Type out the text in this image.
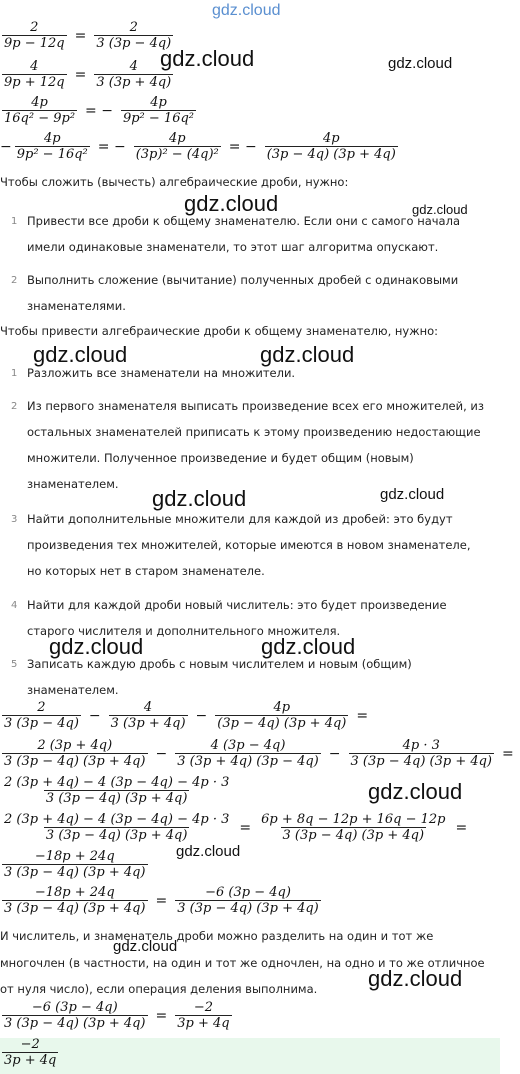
gdz.cloud
gdz.cloud	gdz.cloud
gdz.cloud	gdz.cloud
gdz.cloud	gdz.cloud
gdz.cloud	gdz.cloud
gdz.cloud	gdz.cloud
gdz.cloud
gdz.cloud
gdz.cloud
gdz.cloud
$\frac{2}{9p - 12q} = \frac{2}{3 (3p - 4q)}$
$\frac{4}{9p + 12q} = \frac{4}{3 (3p + 4q)}$
$\frac{4p}{\text{16q² − 9p²}}$ = − $\frac{4p}{\text{9p² − 16q²}}$
− $\frac{4p}{\text{9p² − 16q²}}$ = − $\frac{4p}{\text{(3p)² − (4q)²}}$ = − $\frac{4p}{(3p - 4q) (3p + 4q)}$
Чтобы сложить (вычесть) алгебраические дроби, нужно:
1 Привести все дроби к общему знаменателю. Если они с самого начала
имели одинаковые знаменатели, то этот шаг алгоритма опускают.
2 Выполнить сложение (вычитание) полученных дробей с одинаковыми
знаменателями.
Чтобы привести алгебраические дроби к общему знаменателю, нужно:
1 Разложить все знаменатели на множители.
2 Из первого знаменателя выписать произведение всех его множителей, из
остальных знаменателей приписать к этому произведению недостающие
множители. Полученное произведение и будет общим (новым)
знаменателем.
3 Найти дополнительные множители для каждой из дробей: это будут
произведения тех множителей, которые имеются в новом знаменателе,
но которых нет в старом знаменателе.
4 Найти для каждой дроби новый числитель: это будет произведение
старого числителя и дополнительного множителя.
5 Записать каждую дробь с новым числителем и новым (общим)
знаменателем.
$\frac{2}{3 (3p - 4q)} - \frac{4}{3 (3p + 4q)} - \frac{4p}{(3p - 4q) (3p + 4q)}$ =
$\frac{2 (3p + 4q)}{3 (3p - 4q) (3p + 4q)} - \frac{4 (3p - 4q)}{3 (3p + 4q) (3p - 4q)} - \frac{4p \cdot 3}{3 (3p - 4q) (3p + 4q)}$ =
$\frac{2 (3p + 4q) - 4 (3p - 4q) - 4p \cdot 3}{3 (3p - 4q) (3p + 4q)}$
$\frac{2 (3p + 4q) - 4 (3p - 4q) - 4p \cdot 3}{3 (3p - 4q) (3p + 4q)} = \frac{6p + 8q - 12p + 16q - 12p}{3 (3p - 4q) (3p + 4q)}$ =
$\frac{-18p + 24q}{3 (3p - 4q) (3p + 4q)}$
$\frac{-18p + 24q}{3 (3p - 4q) (3p + 4q)} = \frac{-6 (3p - 4q)}{3 (3p - 4q) (3p + 4q)}$
И числитель, и знаменатель дроби можно разделить на один и тот же
многочлен (в частности, на один и тот же одночлен, на одно и то же отличное
от нуля число), если операция деления выполнима.
$\frac{-6 (3p - 4q)}{3 (3p - 4q) (3p + 4q)} = \frac{-2}{3p + 4q}$
$\frac{-2}{3p + 4q}$
